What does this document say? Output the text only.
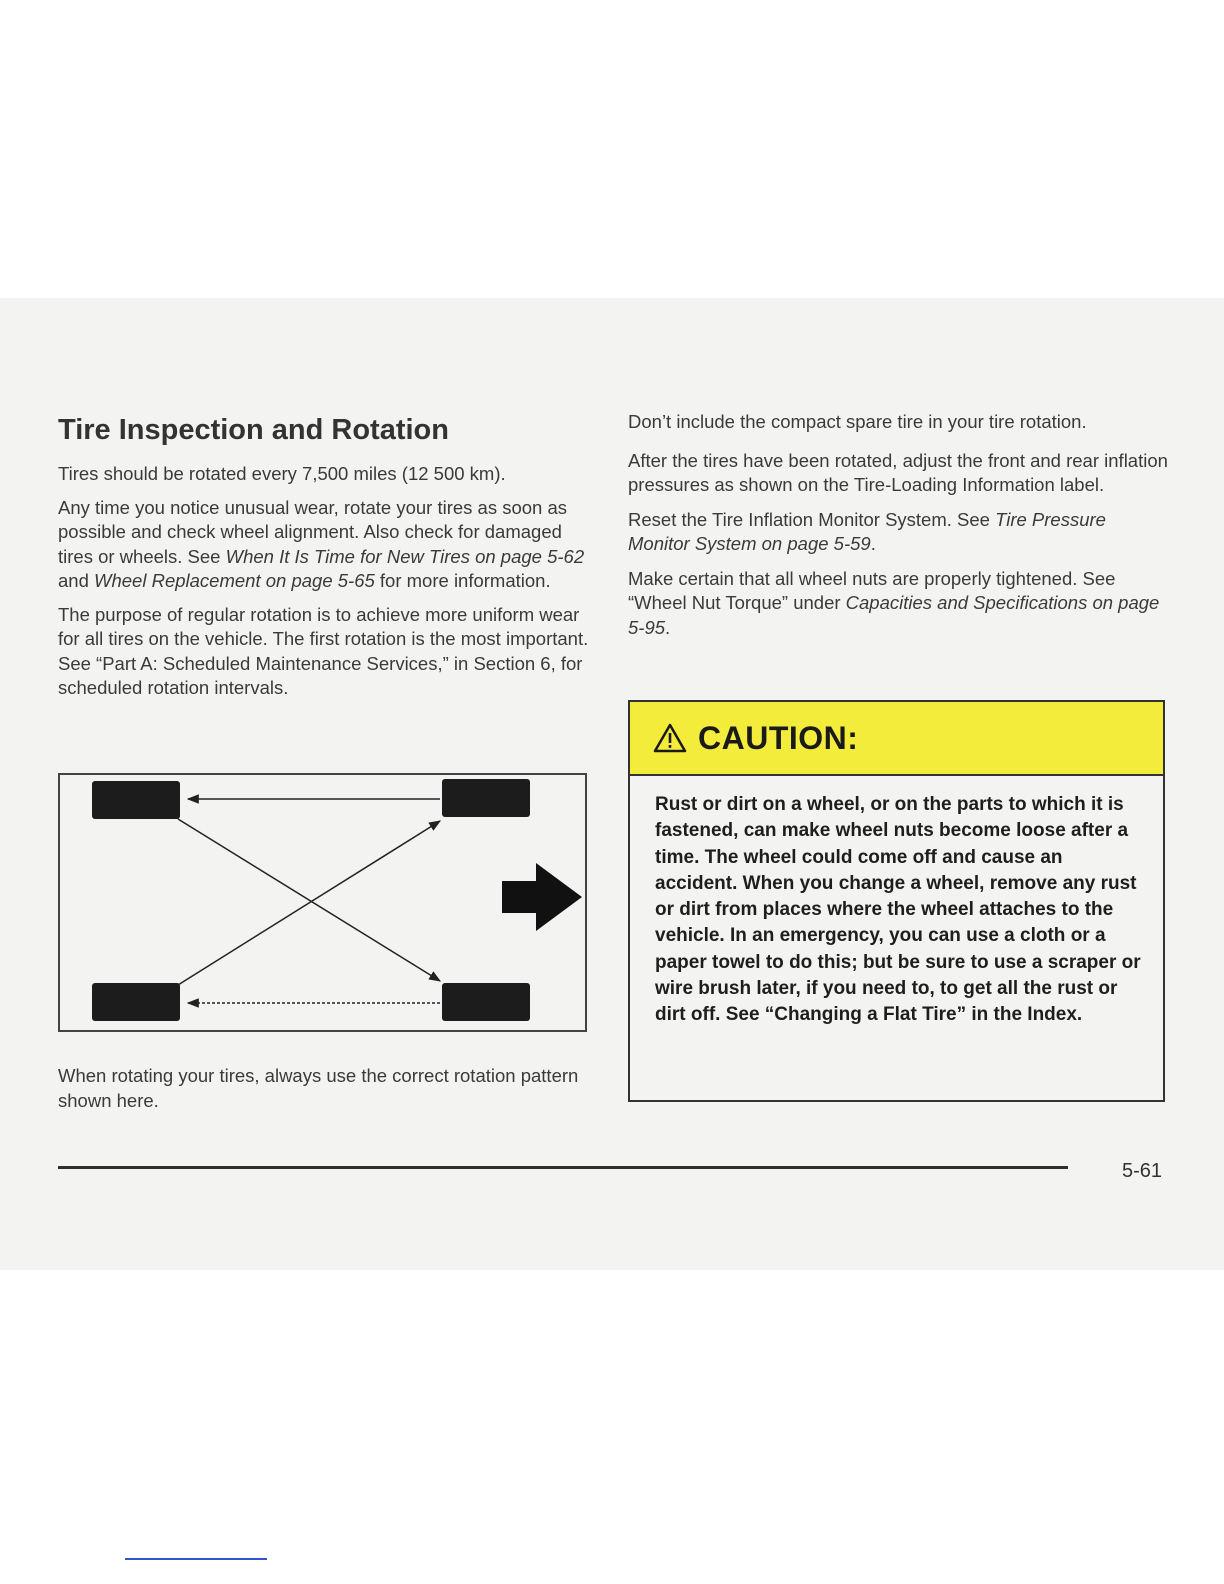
Tire Inspection and Rotation

Tires should be rotated every 7,500 miles (12 500 km).

Any time you notice unusual wear, rotate your tires as soon as possible and check wheel alignment. Also check for damaged tires or wheels. See When It Is Time for New Tires on page 5-62 and Wheel Replacement on page 5-65 for more information.

The purpose of regular rotation is to achieve more uniform wear for all tires on the vehicle. The first rotation is the most important. See “Part A: Scheduled Maintenance Services,” in Section 6, for scheduled rotation intervals.

When rotating your tires, always use the correct rotation pattern shown here.

Don’t include the compact spare tire in your tire rotation.

After the tires have been rotated, adjust the front and rear inflation pressures as shown on the Tire-Loading Information label.

Reset the Tire Inflation Monitor System. See Tire Pressure Monitor System on page 5-59.

Make certain that all wheel nuts are properly tightened. See “Wheel Nut Torque” under Capacities and Specifications on page 5-95.

CAUTION:
Rust or dirt on a wheel, or on the parts to which it is fastened, can make wheel nuts become loose after a time. The wheel could come off and cause an accident. When you change a wheel, remove any rust or dirt from places where the wheel attaches to the vehicle. In an emergency, you can use a cloth or a paper towel to do this; but be sure to use a scraper or wire brush later, if you need to, to get all the rust or dirt off. See “Changing a Flat Tire” in the Index.
5-61
